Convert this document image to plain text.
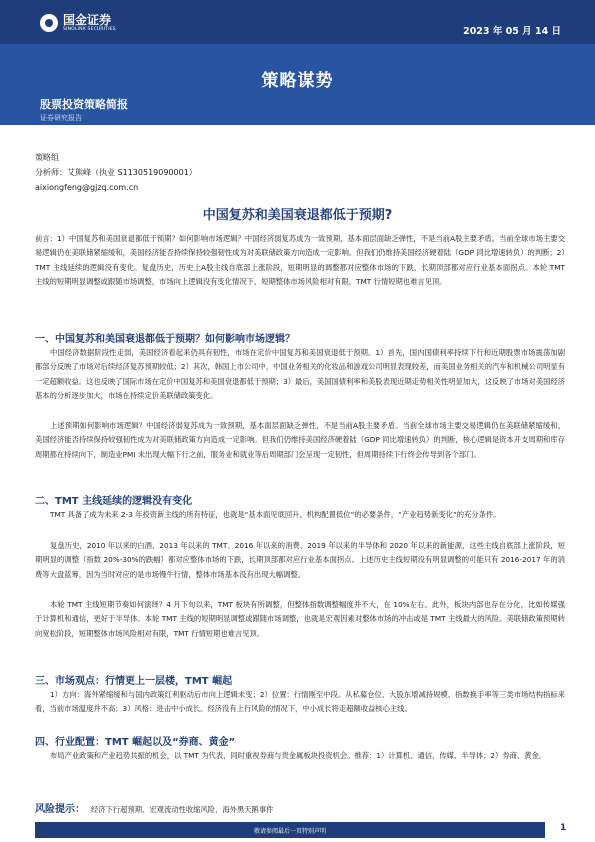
国金证券
SINOLINK SECURITIES	2023 年 05 月 14 日
策略谋势
股票投资策略简报
证券研究报告
策略组
分析师：艾熊峰（执业 S1130519090001）
aixiongfeng@gjzq.com.cn
中国复苏和美国衰退都低于预期?
前言：1）中国复苏和美国衰退都低于预期？如何影响市场逻辑？中国经济弱复苏成为一致预期，基本面层面缺乏弹性，不是当前A股主要矛盾。当前全球市场主要交易逻辑仍在美联储紧缩缓和，美国经济能否持续保持较强韧性成为对美联储政策方向造成一定影响。但我们仍维持美国经济硬着陆（GDP 同比增速转负）的判断；2）TMT 主线延续的逻辑没有变化。复盘历史，历史上A股主线自底部上涨阶段，短期明显的调整都对应整体市场的下跌，长期顶部都对应行业基本面拐点。本轮 TMT 主线的短期明显调整或跟随市场调整，市场向上逻辑没有变化情况下，短期整体市场风险相对有限，TMT 行情短期也难言见顶。
一、中国复苏和美国衰退都低于预期？如何影响市场逻辑？
中国经济数据阶段性走弱，美国经济看起来仍具有韧性，市场在定价中国复苏和美国衰退低于预期。1）首先，国内国债利率持续下行和近期股票市场震荡加剧都部分反映了市场对后续经济复苏预期较低；2）其次，韩国上市公司中，中国业务相关的化妆品和游戏公司明显表现较差，而美国业务相关的汽车和机械公司明显有一定超额收益。这也反映了国际市场在定价中国复苏和美国衰退都低于预期；3）最后，美国国债利率和美股表现近期走势相关性明显加大，这反映了市场对美国经济基本的分析逐步加大，市场在持续定价美联储政策变化。
上述预期如何影响市场逻辑？中国经济弱复苏成为一致预期，基本面层面缺乏弹性，不是当前A股主要矛盾。当前全球市场主要交易逻辑仍在美联储紧缩缓和，美国经济能否持续保持较强韧性成为对美联储政策方向造成一定影响。但我们仍维持美国经济硬着陆（GDP 同比增速转负）的判断，核心逻辑是资本开支周期和库存周期都在持续向下，制造业PMI 未出现大幅下行之前，服务业和就业等后周期部门会呈现一定韧性，但周期持续下行终会传导到各个部门。
二、TMT 主线延续的逻辑没有变化
TMT 具备了成为未来 2-3 年投资新主线的所有特征，也就是“基本面见底回升、机构配置低位”的必要条件，“产业趋势新变化”的充分条件。
复盘历史，2010 年以来的白酒、2013 年以来的 TMT、2016 年以来的消费、2019 年以来的半导体和 2020 年以来的新能源，这些主线自底部上涨阶段，短期明显的调整（指数 20%-30%的跌幅）都对应整体市场的下跌，长期顶部都对应行业基本面拐点。上述历史主线短期没有明显调整的可能只有 2016-2017 年的消费等大盘蓝筹，因为当时对应的是市场慢牛行情，整体市场基本没有出现大幅调整。
本轮 TMT 主线短期节奏如何演绎？4 月下旬以来，TMT 板块有所调整，但整体指数调整幅度并不大，在 10%左右。此外，板块内部也存在分化，比如传媒强于计算机和通信，更好于半导体。本轮 TMT 主线的短期明显调整或跟随市场调整，也就是宏观因素对整体市场的冲击或是 TMT 主线最大的风险。美联储政策预期转向宽松阶段，短期整体市场风险相对有限，TMT 行情短期也难言见顶。
三、市场观点：行情更上一层楼，TMT 崛起
1）方向：海外紧缩缓和与国内政策红利驱动后市向上逻辑未变；2）位置：行情刚至中段。从私募仓位、大股东增减持规模、指数换手率等三类市场结构指标来看，当前市场温度并不高；3）风格：进击中小成长。经济没有上行风险的情况下，中小成长将走超额收益核心主线。
四、行业配置：TMT 崛起以及“券商、黄金”
布局产业政策和产业趋势共振的机会，以 TMT 为代表，同时重视券商与贵金属板块投资机会。推荐：1）计算机、通信、传媒、半导体；2）券商、黄金。
风险提示： 经济下行超预期、宏观流动性收缩风险、海外黑天鹅事件
敬请参阅最后一页特别声明	1
